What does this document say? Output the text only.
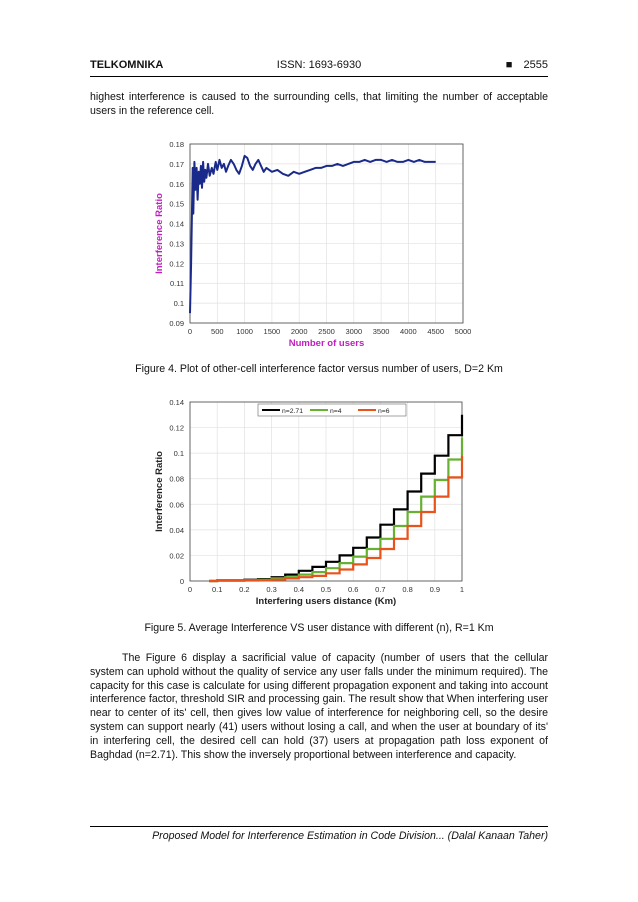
TELKOMNIKA	ISSN: 1693-6930	■ 2555
highest interference is caused to the surrounding cells, that limiting the number of acceptable users in the reference cell.
0.09
0.1
0.11
0.12
0.13
0.14
0.15
0.16
0.17
0.18
0	500 1000 1500 2000 2500 3000 3500 4000 4500 5000
Number of users
Interference Ratio
Figure 4. Plot of other-cell interference factor versus number of users, D=2 Km
0
0.02
0.04
0.06
0.08
0.1
0.12
0.14
0	0.1 0.2 0.3 0.4 0.5 0.6 0.7 0.8 0.9	1
n=2.71	n=4	n=6
Interfering users distance (Km)
Interference Ratio
Figure 5. Average Interference VS user distance with different (n), R=1 Km
The Figure 6 display a sacrificial value of capacity (number of users that the cellular system can uphold without the quality of service any user falls under the minimum required). The capacity for this case is calculate for using different propagation exponent and taking into account interference factor, threshold SIR and processing gain. The result show that When interfering user near to center of its' cell, then gives low value of interference for neighboring cell, so the desire system can support nearly (41) users without losing a call, and when the user at boundary of its' in interfering cell, the desired cell can hold (37) users at propagation path loss exponent of Baghdad (n=2.71). This show the inversely proportional between interference and capacity.
Proposed Model for Interference Estimation in Code Division... (Dalal Kanaan Taher)
